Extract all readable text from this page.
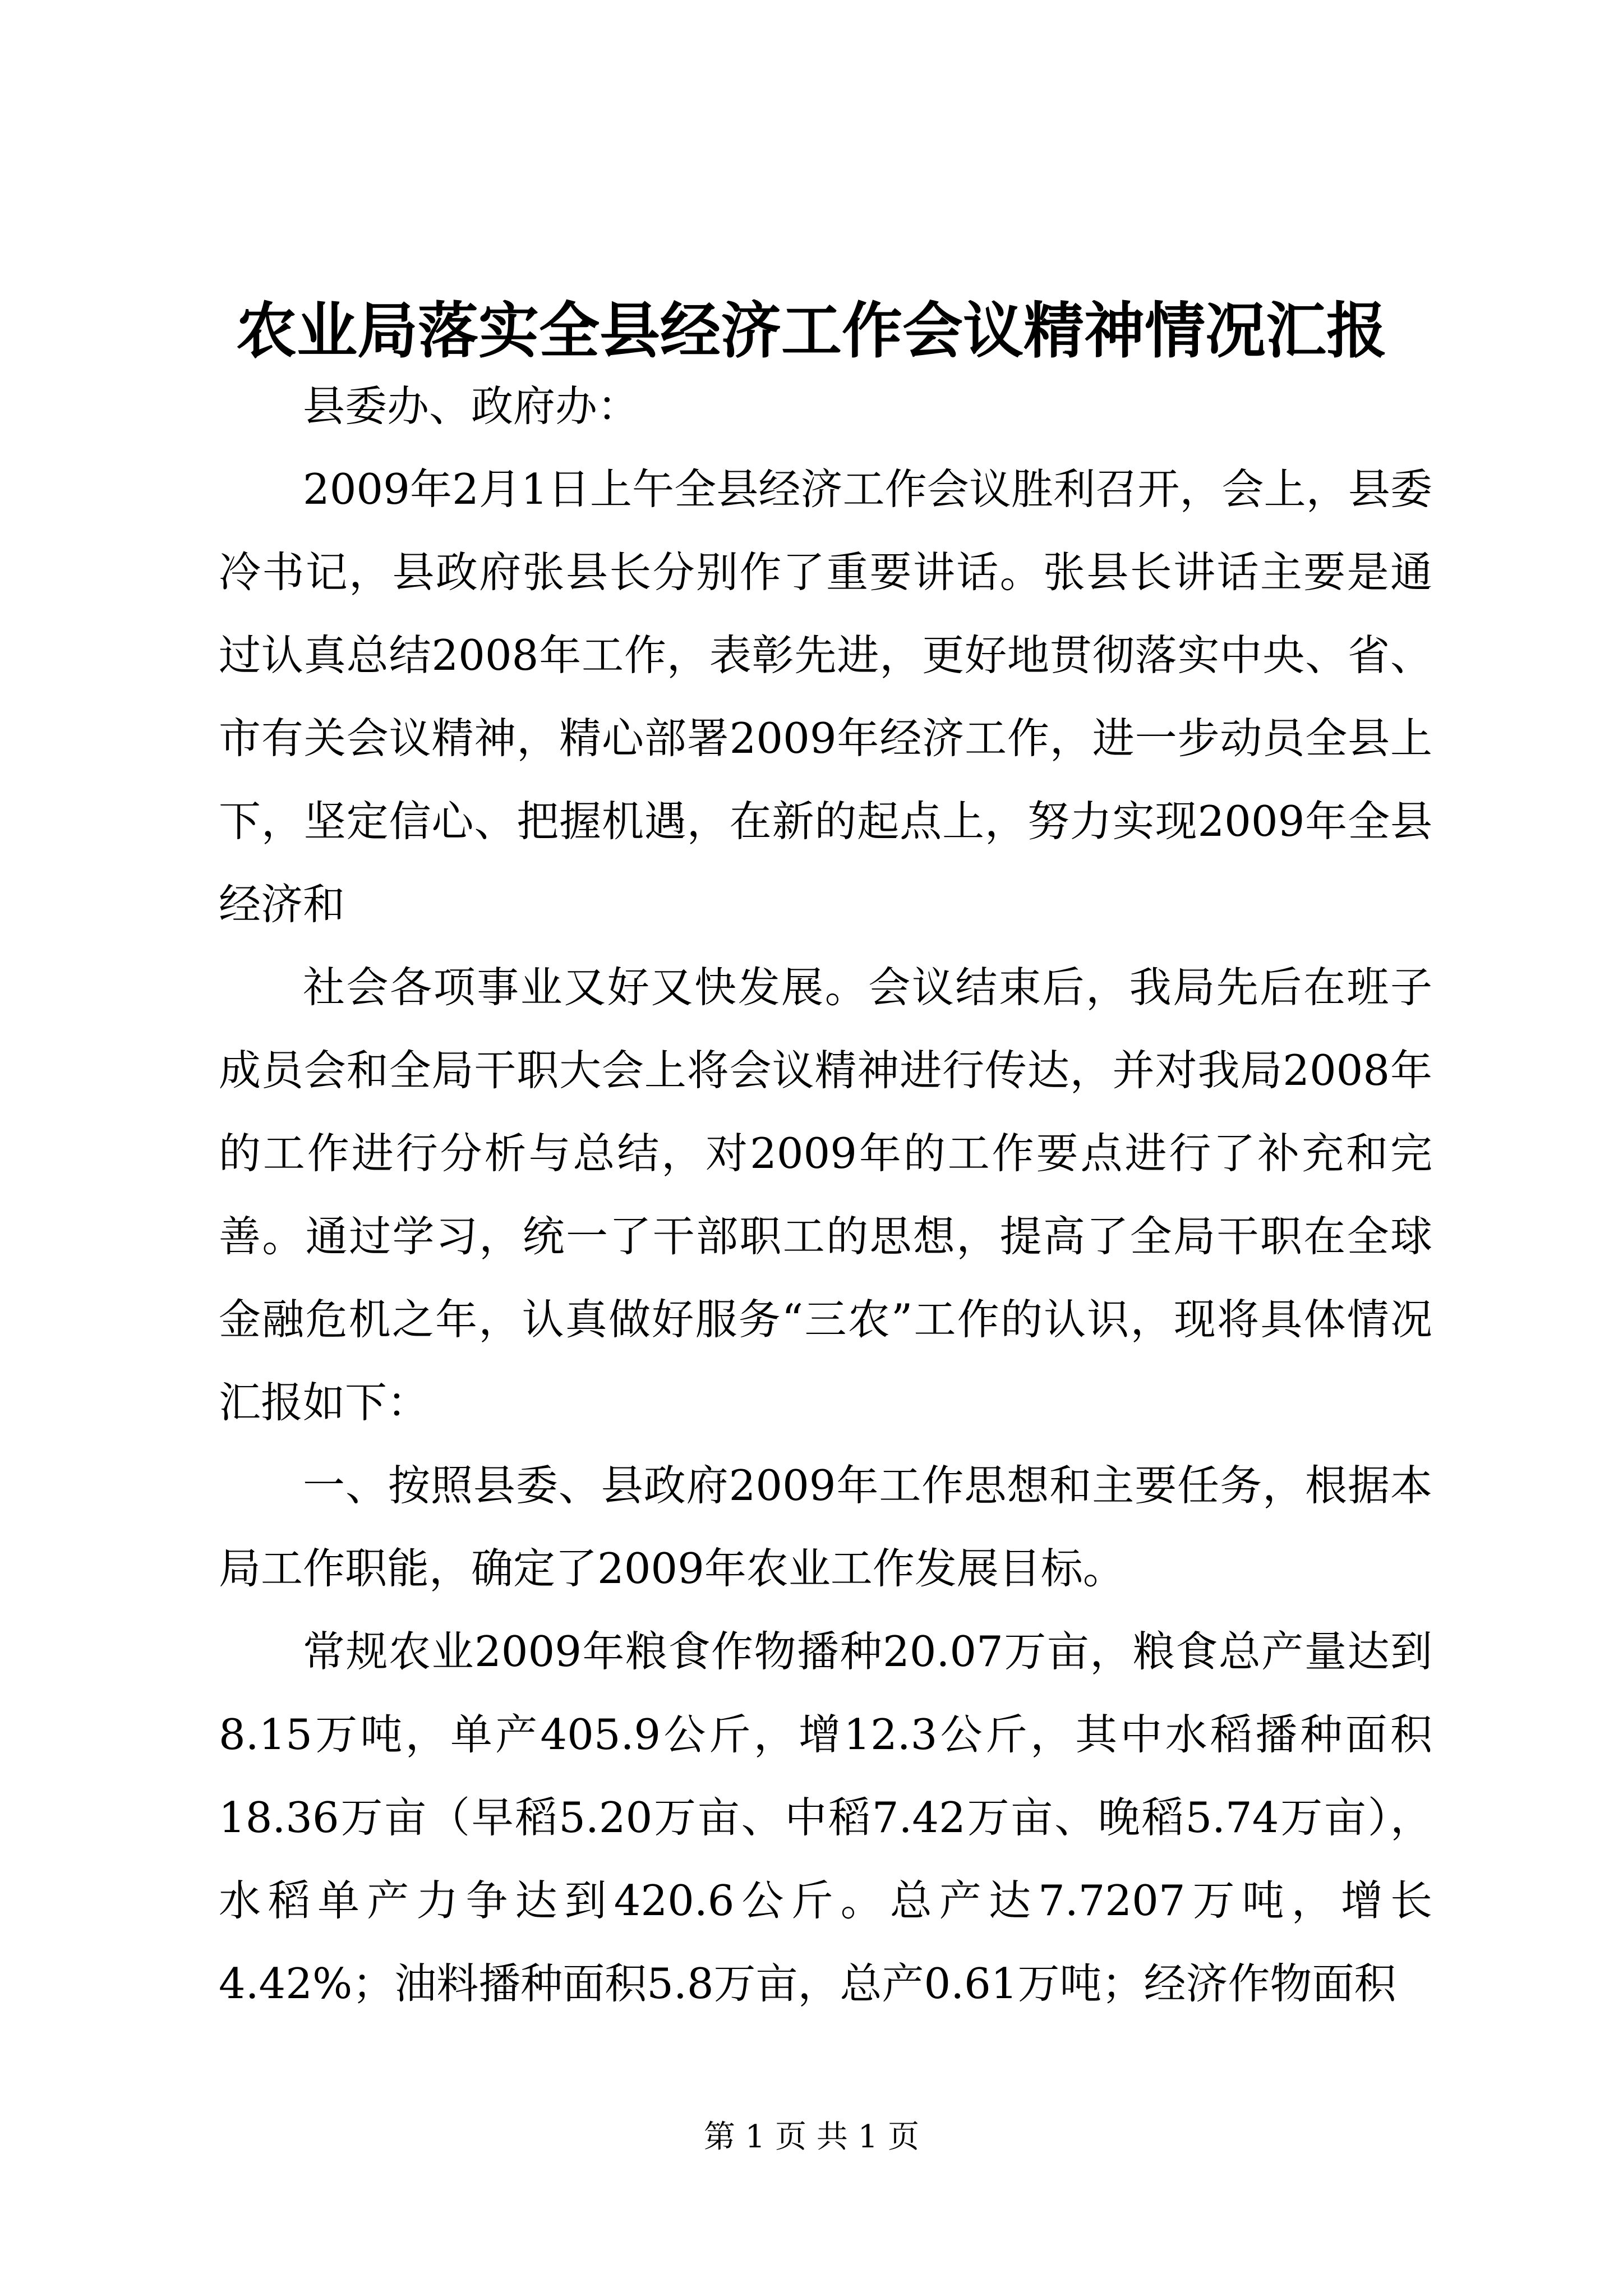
农业局落实全县经济工作会议精神情况汇报

县委办、政府办：

2009年2月1日上午全县经济工作会议胜利召开，会上，县委冷书记，县政府张县长分别作了重要讲话。张县长讲话主要是通过认真总结2008年工作，表彰先进，更好地贯彻落实中央、省、市有关会议精神，精心部署2009年经济工作，进一步动员全县上下，坚定信心、把握机遇，在新的起点上，努力实现2009年全县经济和

社会各项事业又好又快发展。会议结束后，我局先后在班子成员会和全局干职大会上将会议精神进行传达，并对我局2008年的工作进行分析与总结，对2009年的工作要点进行了补充和完善。通过学习，统一了干部职工的思想，提高了全局干职在全球金融危机之年，认真做好服务“三农”工作的认识，现将具体情况汇报如下：

一、按照县委、县政府2009年工作思想和主要任务，根据本局工作职能，确定了2009年农业工作发展目标。

常规农业2009年粮食作物播种20.07万亩，粮食总产量达到8.15万吨，单产405.9公斤，增12.3公斤，其中水稻播种面积18.36万亩（早稻5.20万亩、中稻7.42万亩、晚稻5.74万亩），水稻单产力争达到420.6公斤。总产达7.7207万吨，增长4.42%；油料播种面积5.8万亩，总产0.61万吨；经济作物面积

第 1 页 共 1 页
